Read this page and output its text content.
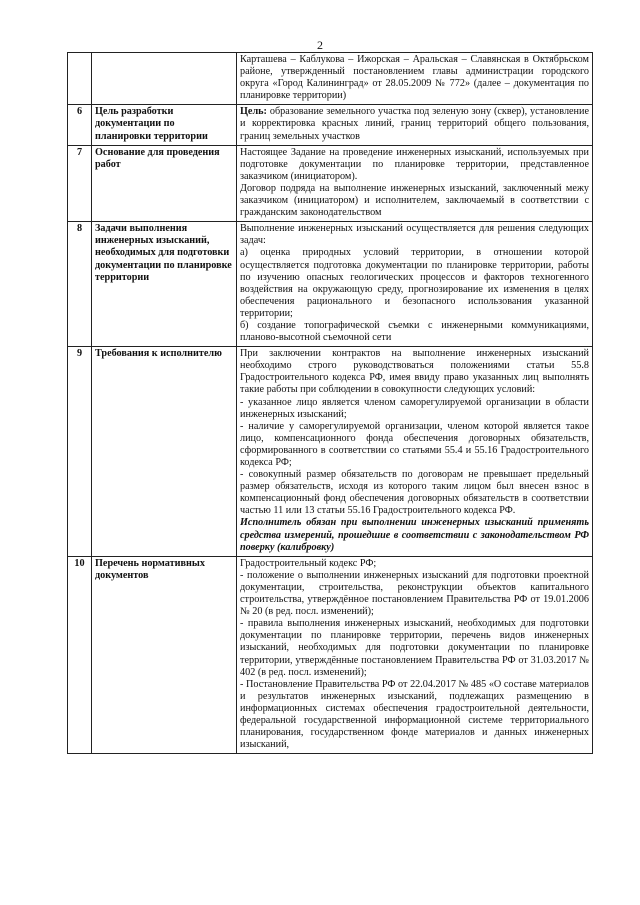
2

		Карташева – Каблукова – Ижорская – Аральская – Славянская в Октябрьском районе, утвержденный постановлением главы администрации городского округа «Город Калининград» от 28.05.2009 № 772» (далее – документация по планировке территории)

6	Цель разработки документации по планировки территории	Цель: образование земельного участка под зеленую зону (сквер), установление и корректировка красных линий, границ территорий общего пользования, границ земельных участков

7	Основание для проведения работ	Настоящее Задание на проведение инженерных изысканий, используемых при подготовке документации по планировке территории, представленное заказчиком (инициатором).

Договор подряда на выполнение инженерных изысканий, заключенный межу заказчиком (инициатором) и исполнителем, заключаемый в соответствии с гражданским законодательством

8	Задачи выполнения инженерных изысканий, необходимых для подготовки документации по планировке территории	Выполнение инженерных изысканий осуществляется для решения следующих задач:

а) оценка природных условий территории, в отношении которой осуществляется подготовка документации по планировке территории, работы по изучению опасных геологических процессов и факторов техногенного воздействия на окружающую среду, прогнозирование их изменения в целях обеспечения рационального и безопасного использования указанной территории;

б) создание топографической съемки с инженерными коммуникациями, планово-высотной съемочной сети

9	Требования к исполнителю	При заключении контрактов на выполнение инженерных изысканий необходимо строго руководствоваться положениями статьи 55.8 Градостроительного кодекса РФ, имея ввиду право указанных лиц выполнять такие работы при соблюдении в совокупности следующих условий:

- указанное лицо является членом саморегулируемой организации в области инженерных изысканий;

- наличие у саморегулируемой организации, членом которой является такое лицо, компенсационного фонда обеспечения договорных обязательств, сформированного в соответствии со статьями 55.4 и 55.16 Градостроительного кодекса РФ;

- совокупный размер обязательств по договорам не превышает предельный размер обязательств, исходя из которого таким лицом был внесен взнос в компенсационный фонд обеспечения договорных обязательств в соответствии частью 11 или 13 статьи 55.16 Градостроительного кодекса РФ.

Исполнитель обязан при выполнении инженерных изысканий применять средства измерений, прошедшие в соответствии с законодательством РФ поверку (калибровку)

10	Перечень нормативных документов	Градостроительный кодекс РФ;

- положение о выполнении инженерных изысканий для подготовки проектной документации, строительства, реконструкции объектов капитального строительства, утверждённое постановлением Правительства РФ от 19.01.2006 № 20 (в ред. посл. изменений);

- правила выполнения инженерных изысканий, необходимых для подготовки документации по планировке территории, перечень видов инженерных изысканий, необходимых для подготовки документации по планировке территории, утверждённые постановлением Правительства РФ от 31.03.2017 № 402 (в ред. посл. изменений);

- Постановление Правительства РФ от 22.04.2017 № 485 «О составе материалов и результатов инженерных изысканий, подлежащих размещению в информационных системах обеспечения градостроительной деятельности, федеральной государственной информационной системе территориального планирования, государственном фонде материалов и данных инженерных изысканий,
